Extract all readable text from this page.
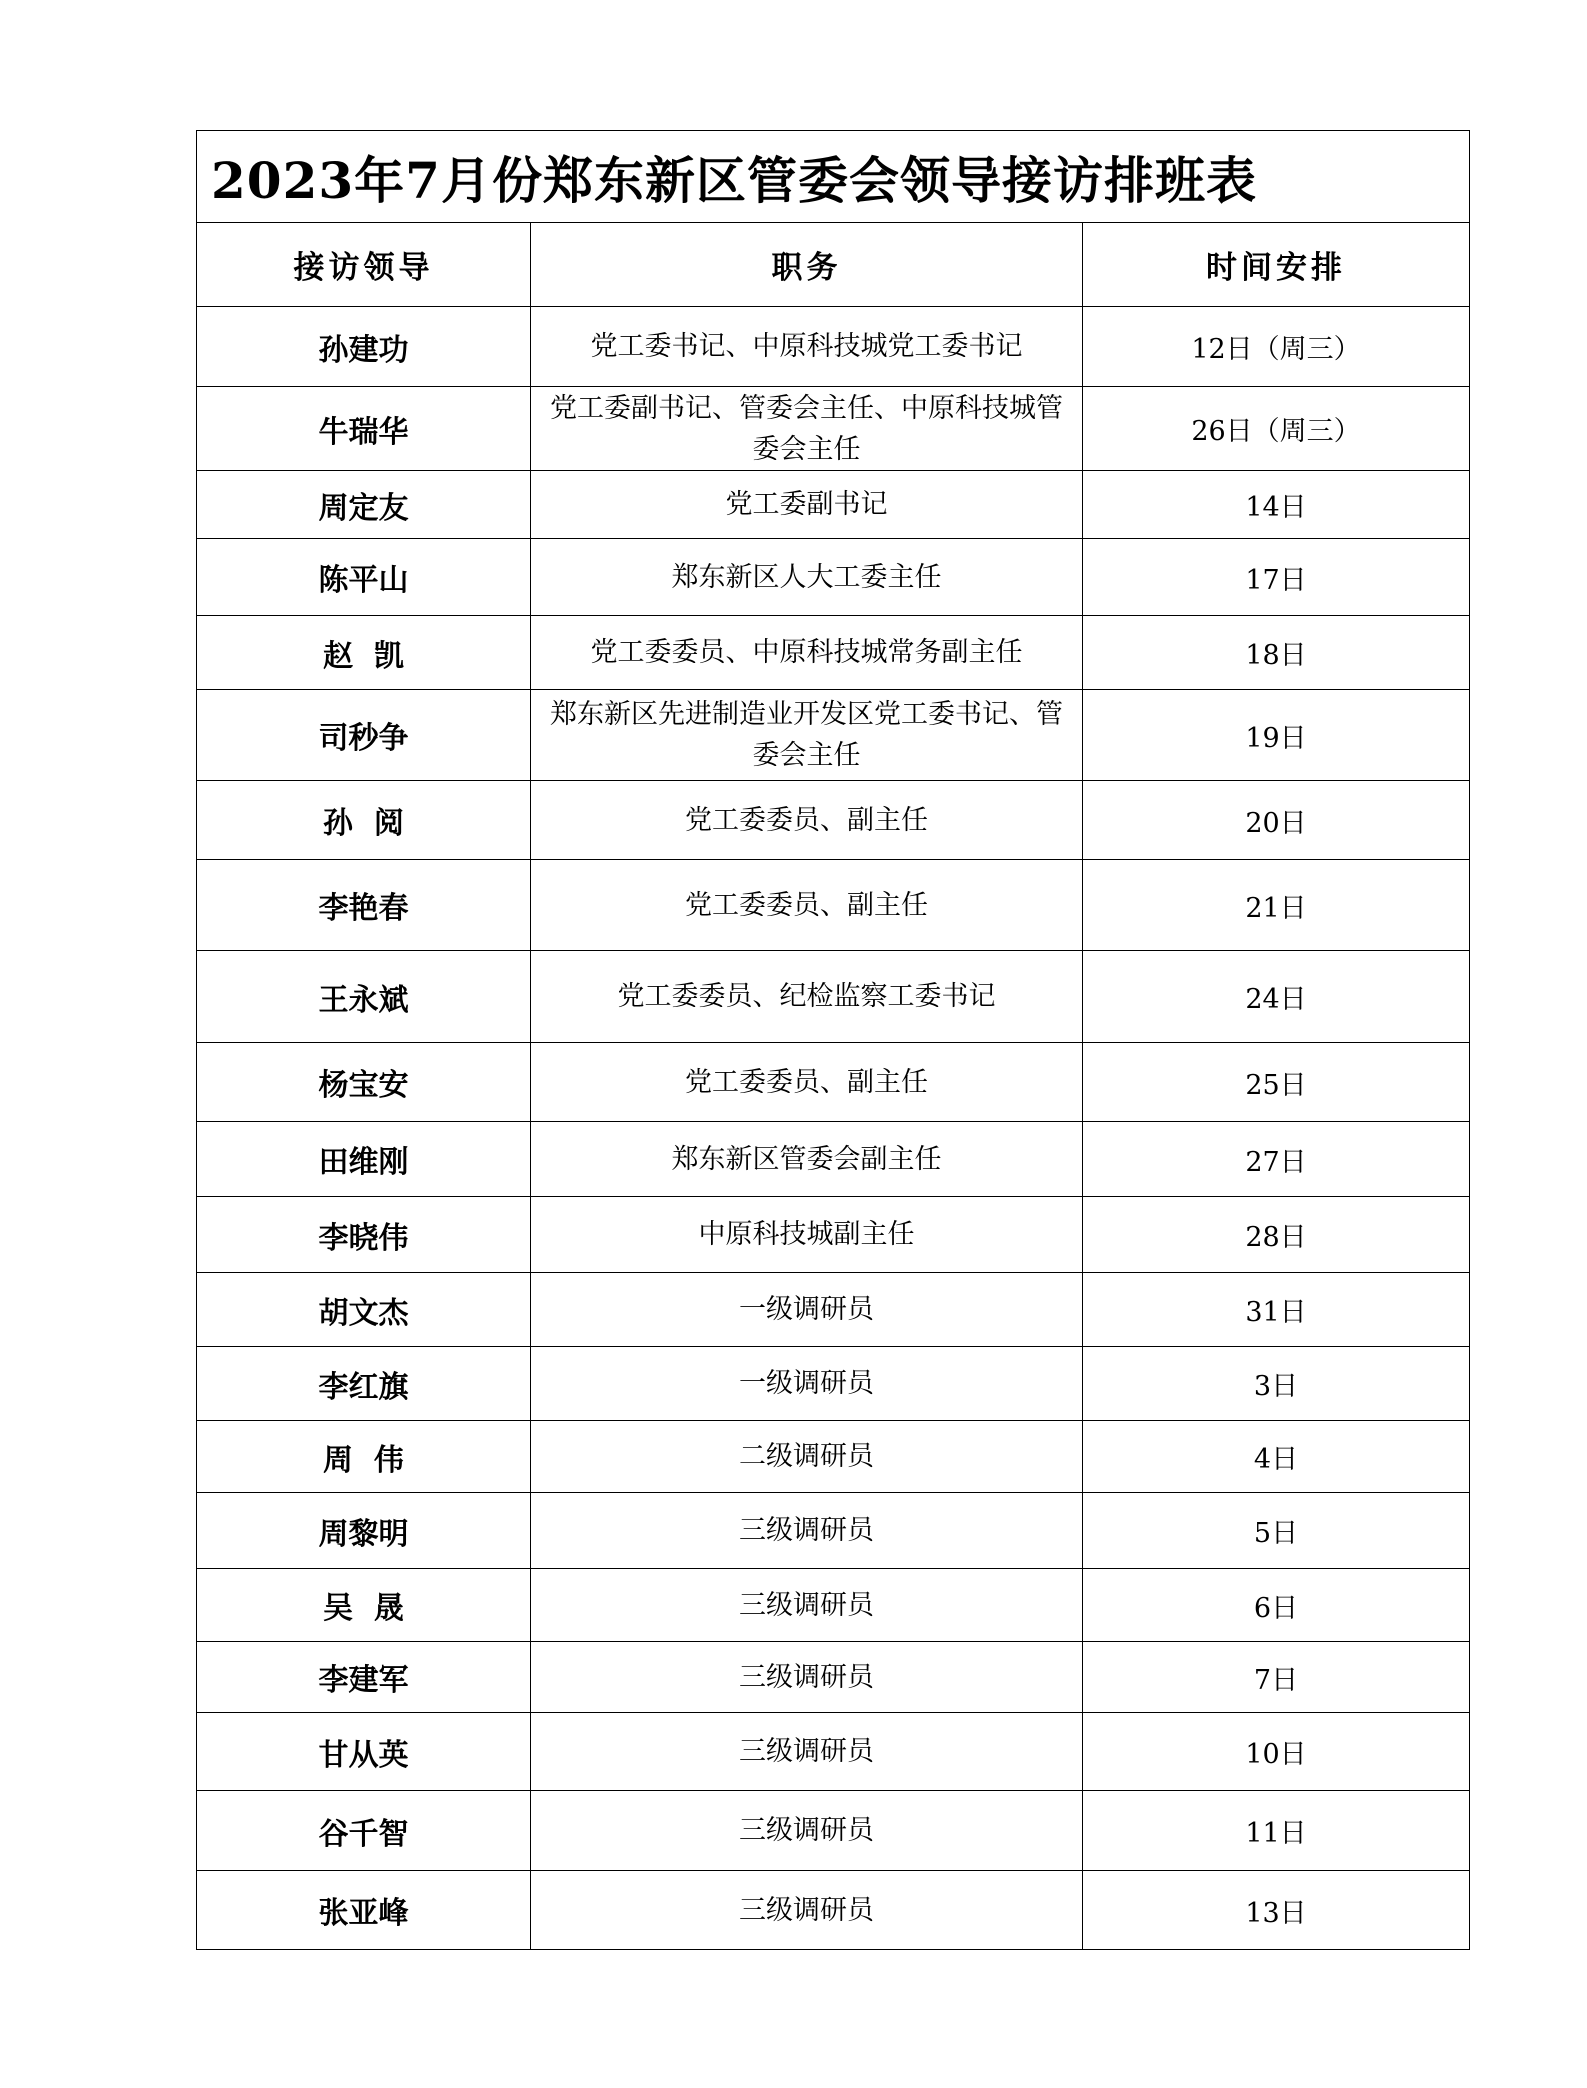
2023年7月份郑东新区管委会领导接访排班表		
接访领导	职务	时间安排
孙建功	党工委书记、中原科技城党工委书记	12日（周三）
牛瑞华	党工委副书记、管委会主任、中原科技城管委会主任	26日（周三）
周定友	党工委副书记	14日
陈平山	郑东新区人大工委主任	17日
赵  凯	党工委委员、中原科技城常务副主任	18日
司秒争	郑东新区先进制造业开发区党工委书记、管委会主任	19日
孙  阅	党工委委员、副主任	20日
李艳春	党工委委员、副主任	21日
王永斌	党工委委员、纪检监察工委书记	24日
杨宝安	党工委委员、副主任	25日
田维刚	郑东新区管委会副主任	27日
李晓伟	中原科技城副主任	28日
胡文杰	一级调研员	31日
李红旗	一级调研员	3日
周  伟	二级调研员	4日
周黎明	三级调研员	5日
吴  晟	三级调研员	6日
李建军	三级调研员	7日
甘从英	三级调研员	10日
谷千智	三级调研员	11日
张亚峰	三级调研员	13日
